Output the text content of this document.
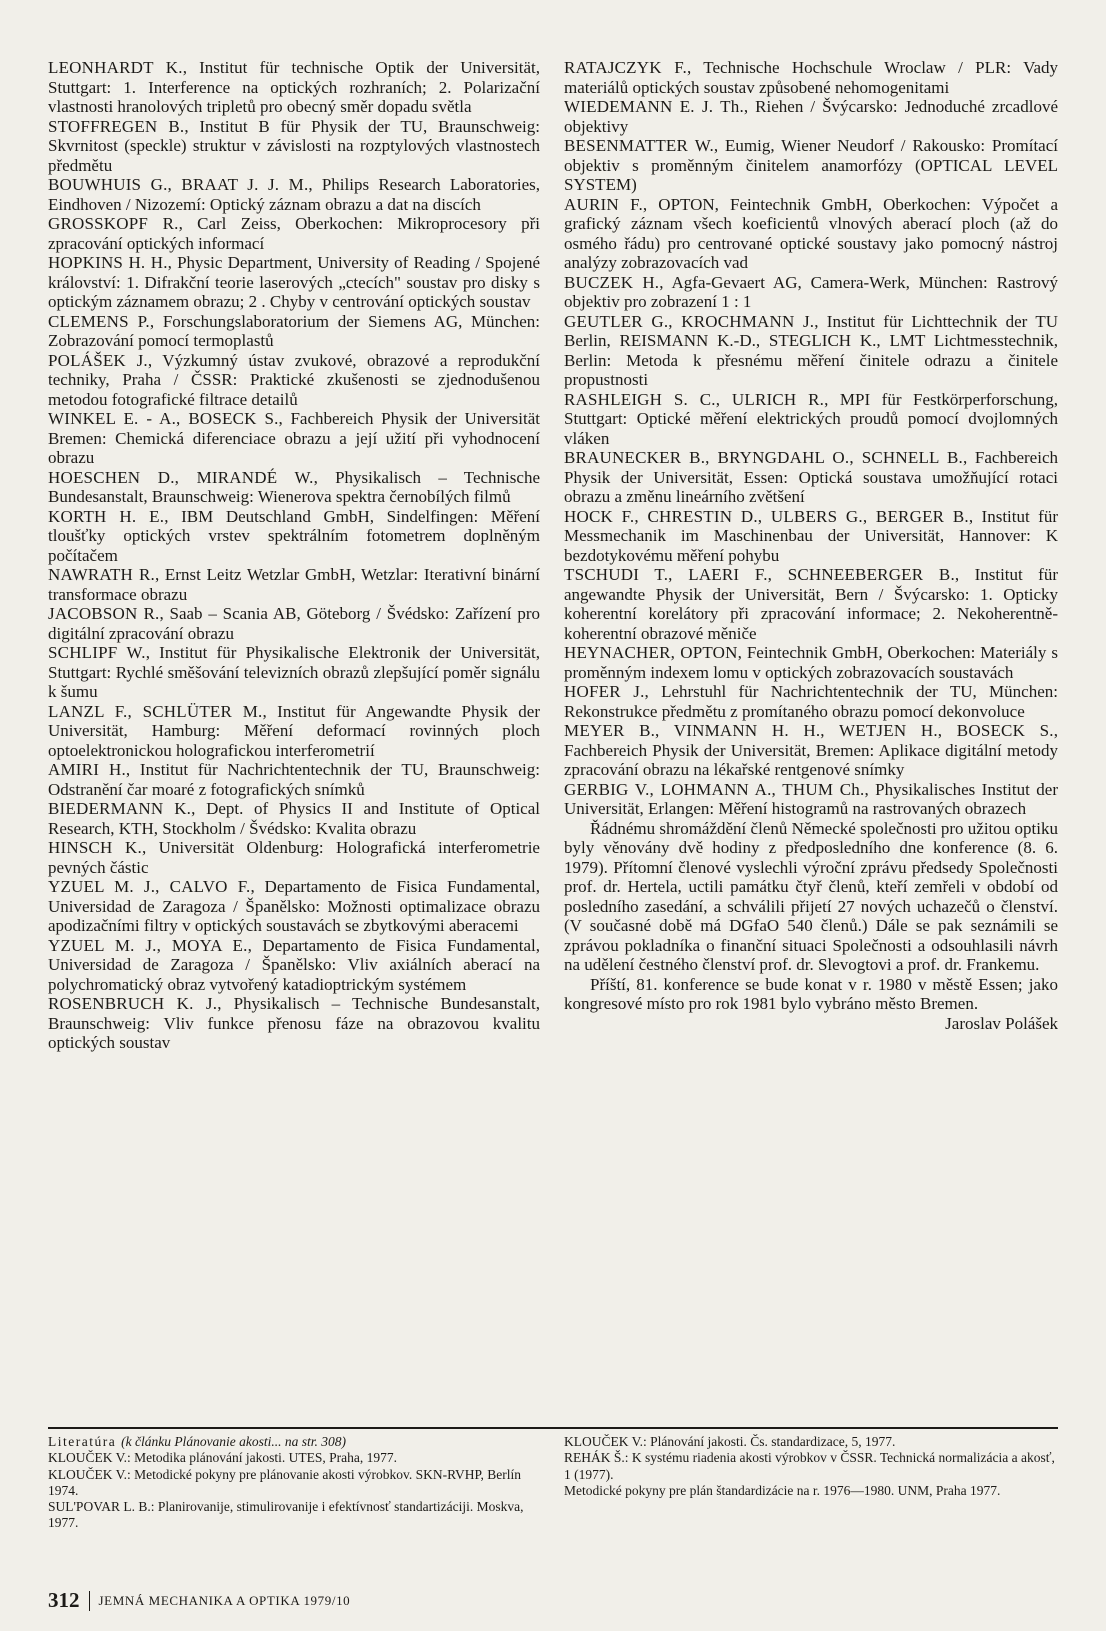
LEONHARDT K., Institut für technische Optik der Universität, Stuttgart: 1. Interference na optických rozhraních; 2. Polarizační vlastnosti hranolových tripletů pro obecný směr dopadu světla

STOFFREGEN B., Institut B für Physik der TU, Braunschweig: Skvrnitost (speckle) struktur v závislosti na rozptylových vlastnostech předmětu

BOUWHUIS G., BRAAT J. J. M., Philips Research Laboratories, Eindhoven / Nizozemí: Optický záznam obrazu a dat na discích

GROSSKOPF R., Carl Zeiss, Oberkochen: Mikroprocesory při zpracování optických informací

HOPKINS H. H., Physic Department, University of Reading / Spojené království: 1. Difrakční teorie laserových „ctecích" soustav pro disky s optickým záznamem obrazu; 2 . Chyby v centrování optických soustav

CLEMENS P., Forschungslaboratorium der Siemens AG, München: Zobrazování pomocí termoplastů

POLÁŠEK J., Výzkumný ústav zvukové, obrazové a reprodukční techniky, Praha / ČSSR: Praktické zkušenosti se zjednodušenou metodou fotografické filtrace detailů

WINKEL E. - A., BOSECK S., Fachbereich Physik der Universität Bremen: Chemická diferenciace obrazu a její užití při vyhodnocení obrazu

HOESCHEN D., MIRANDÉ W., Physikalisch – Technische Bundesanstalt, Braunschweig: Wienerova spektra černobílých filmů

KORTH H. E., IBM Deutschland GmbH, Sindelfingen: Měření tloušťky optických vrstev spektrálním fotometrem doplněným počítačem

NAWRATH R., Ernst Leitz Wetzlar GmbH, Wetzlar: Iterativní binární transformace obrazu

JACOBSON R., Saab – Scania AB, Göteborg / Švédsko: Zařízení pro digitální zpracování obrazu

SCHLIPF W., Institut für Physikalische Elektronik der Universität, Stuttgart: Rychlé směšování televizních obrazů zlepšující poměr signálu k šumu

LANZL F., SCHLÜTER M., Institut für Angewandte Physik der Universität, Hamburg: Měření deformací rovinných ploch optoelektronickou holografickou interferometrií

AMIRI H., Institut für Nachrichtentechnik der TU, Braunschweig: Odstranění čar moaré z fotografických snímků

BIEDERMANN K., Dept. of Physics II and Institute of Optical Research, KTH, Stockholm / Švédsko: Kvalita obrazu

HINSCH K., Universität Oldenburg: Holografická interferometrie pevných částic

YZUEL M. J., CALVO F., Departamento de Fisica Fundamental, Universidad de Zaragoza / Španělsko: Možnosti optimalizace obrazu apodizačními filtry v optických soustavách se zbytkovými aberacemi

YZUEL M. J., MOYA E., Departamento de Fisica Fundamental, Universidad de Zaragoza / Španělsko: Vliv axiálních aberací na polychromatický obraz vytvořený katadioptrickým systémem

ROSENBRUCH K. J., Physikalisch – Technische Bundesanstalt, Braunschweig: Vliv funkce přenosu fáze na obrazovou kvalitu optických soustav

RATAJCZYK F., Technische Hochschule Wroclaw / PLR: Vady materiálů optických soustav způsobené nehomogenitami

WIEDEMANN E. J. Th., Riehen / Švýcarsko: Jednoduché zrcadlové objektivy

BESENMATTER W., Eumig, Wiener Neudorf / Rakousko: Promítací objektiv s proměnným činitelem anamorfózy (OPTICAL LEVEL SYSTEM)

AURIN F., OPTON, Feintechnik GmbH, Oberkochen: Výpočet a grafický záznam všech koeficientů vlnových aberací ploch (až do osmého řádu) pro centrované optické soustavy jako pomocný nástroj analýzy zobrazovacích vad

BUCZEK H., Agfa-Gevaert AG, Camera-Werk, München: Rastrový objektiv pro zobrazení 1 : 1

GEUTLER G., KROCHMANN J., Institut für Lichttechnik der TU Berlin, REISMANN K.-D., STEGLICH K., LMT Lichtmesstechnik, Berlin: Metoda k přesnému měření činitele odrazu a činitele propustnosti

RASHLEIGH S. C., ULRICH R., MPI für Festkörperforschung, Stuttgart: Optické měření elektrických proudů pomocí dvojlomných vláken

BRAUNECKER B., BRYNGDAHL O., SCHNELL B., Fachbereich Physik der Universität, Essen: Optická soustava umožňující rotaci obrazu a změnu lineárního zvětšení

HOCK F., CHRESTIN D., ULBERS G., BERGER B., Institut für Messmechanik im Maschinenbau der Universität, Hannover: K bezdotykovému měření pohybu

TSCHUDI T., LAERI F., SCHNEEBERGER B., Institut für angewandte Physik der Universität, Bern / Švýcarsko: 1. Opticky koherentní korelátory při zpracování informace; 2. Nekoherentně-koherentní obrazové měniče

HEYNACHER, OPTON, Feintechnik GmbH, Oberkochen: Materiály s proměnným indexem lomu v optických zobrazovacích soustavách

HOFER J., Lehrstuhl für Nachrichtentechnik der TU, München: Rekonstrukce předmětu z promítaného obrazu pomocí dekonvoluce

MEYER B., VINMANN H. H., WETJEN H., BOSECK S., Fachbereich Physik der Universität, Bremen: Aplikace digitální metody zpracování obrazu na lékařské rentgenové snímky

GERBIG V., LOHMANN A., THUM Ch., Physikalisches Institut der Universität, Erlangen: Měření histogramů na rastrovaných obrazech

Řádnému shromáždění členů Německé společnosti pro užitou optiku byly věnovány dvě hodiny z předposledního dne konference (8. 6. 1979). Přítomní členové vyslechli výroční zprávu předsedy Společnosti prof. dr. Hertela, uctili památku čtyř členů, kteří zemřeli v období od posledního zasedání, a schválili přijetí 27 nových uchazečů o členství. (V současné době má DGfaO 540 členů.) Dále se pak seznámili se zprávou pokladníka o finanční situaci Společnosti a odsouhlasili návrh na udělení čestného členství prof. dr. Slevogtovi a prof. dr. Frankemu.

Příští, 81. konference se bude konat v r. 1980 v městě Essen; jako kongresové místo pro rok 1981 bylo vybráno město Bremen.

Jaroslav Polášek

Literatúra (k článku Plánovanie akosti... na str. 308)

KLOUČEK V.: Metodika plánování jakosti. UTES, Praha, 1977.

KLOUČEK V.: Metodické pokyny pre plánovanie akosti výrobkov. SKN-RVHP, Berlín 1974.

SUL'POVAR L. B.: Planirovanije, stimulirovanije i efektívnosť standartizáciji. Moskva, 1977.

KLOUČEK V.: Plánování jakosti. Čs. standardizace, 5, 1977.

REHÁK Š.: K systému riadenia akosti výrobkov v ČSSR. Technická normalizácia a akosť, 1 (1977).

Metodické pokyny pre plán štandardizácie na r. 1976—1980. UNM, Praha 1977.

312 JEMNÁ MECHANIKA A OPTIKA 1979/10
